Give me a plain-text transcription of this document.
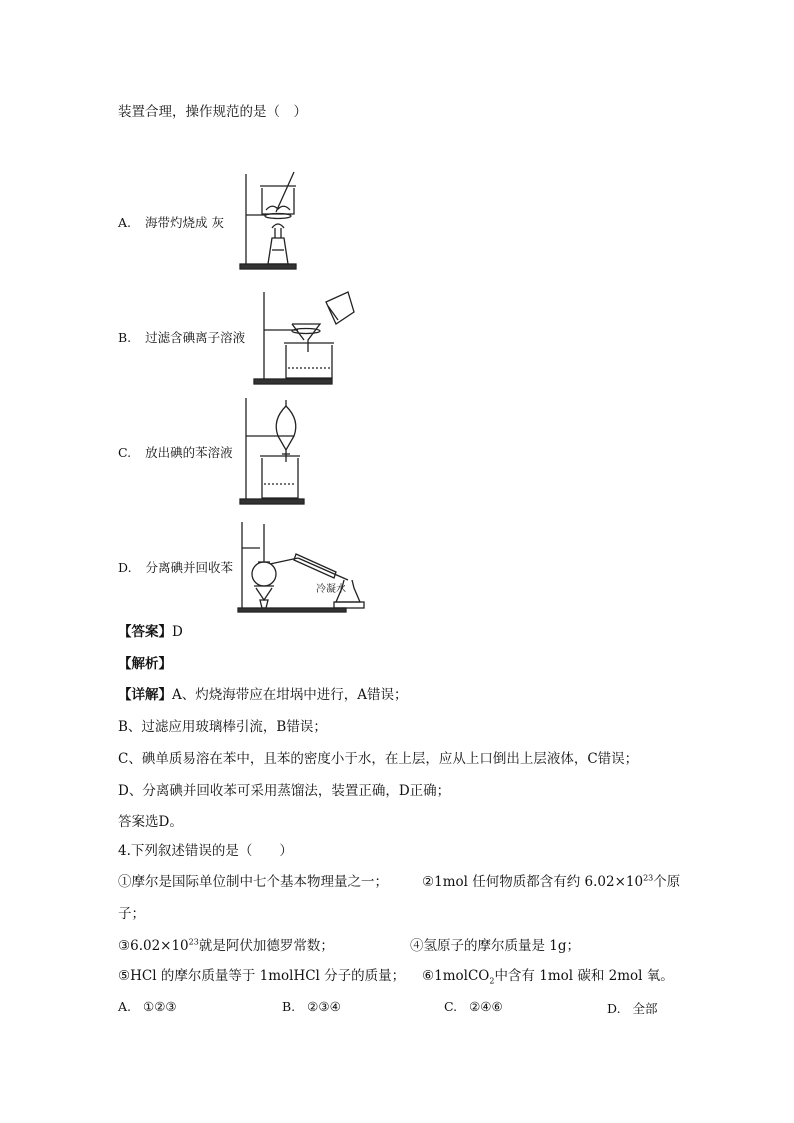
装置合理，操作规范的是（　）
A. 海带灼烧成 灰
B. 过滤含碘离子溶液
C. 放出碘的苯溶液
D. 分离碘并回收苯
冷凝水
【答案】D
【解析】
【详解】A、灼烧海带应在坩埚中进行，A错误；
B、过滤应用玻璃棒引流，B错误；
C、碘单质易溶在苯中，且苯的密度小于水，在上层，应从上口倒出上层液体，C错误；
D、分离碘并回收苯可采用蒸馏法，装置正确，D正确；
答案选D。
4.下列叙述错误的是（　　）
①摩尔是国际单位制中七个基本物理量之一；	②1mol 任何物质都含有约 $6.02\times 10^{23}$个原
子；
$③6.02\times 10^{23}$就是阿伏加德罗常数；	④氢原子的摩尔质量是 1g；
⑤HCl 的摩尔质量等于 1molHCl 分子的质量； ⑥1molCO$_2$中含有 1mol 碳和 2mol 氧。
A. ①②③	B. ②③④	C. ②④⑥	D. 全部
